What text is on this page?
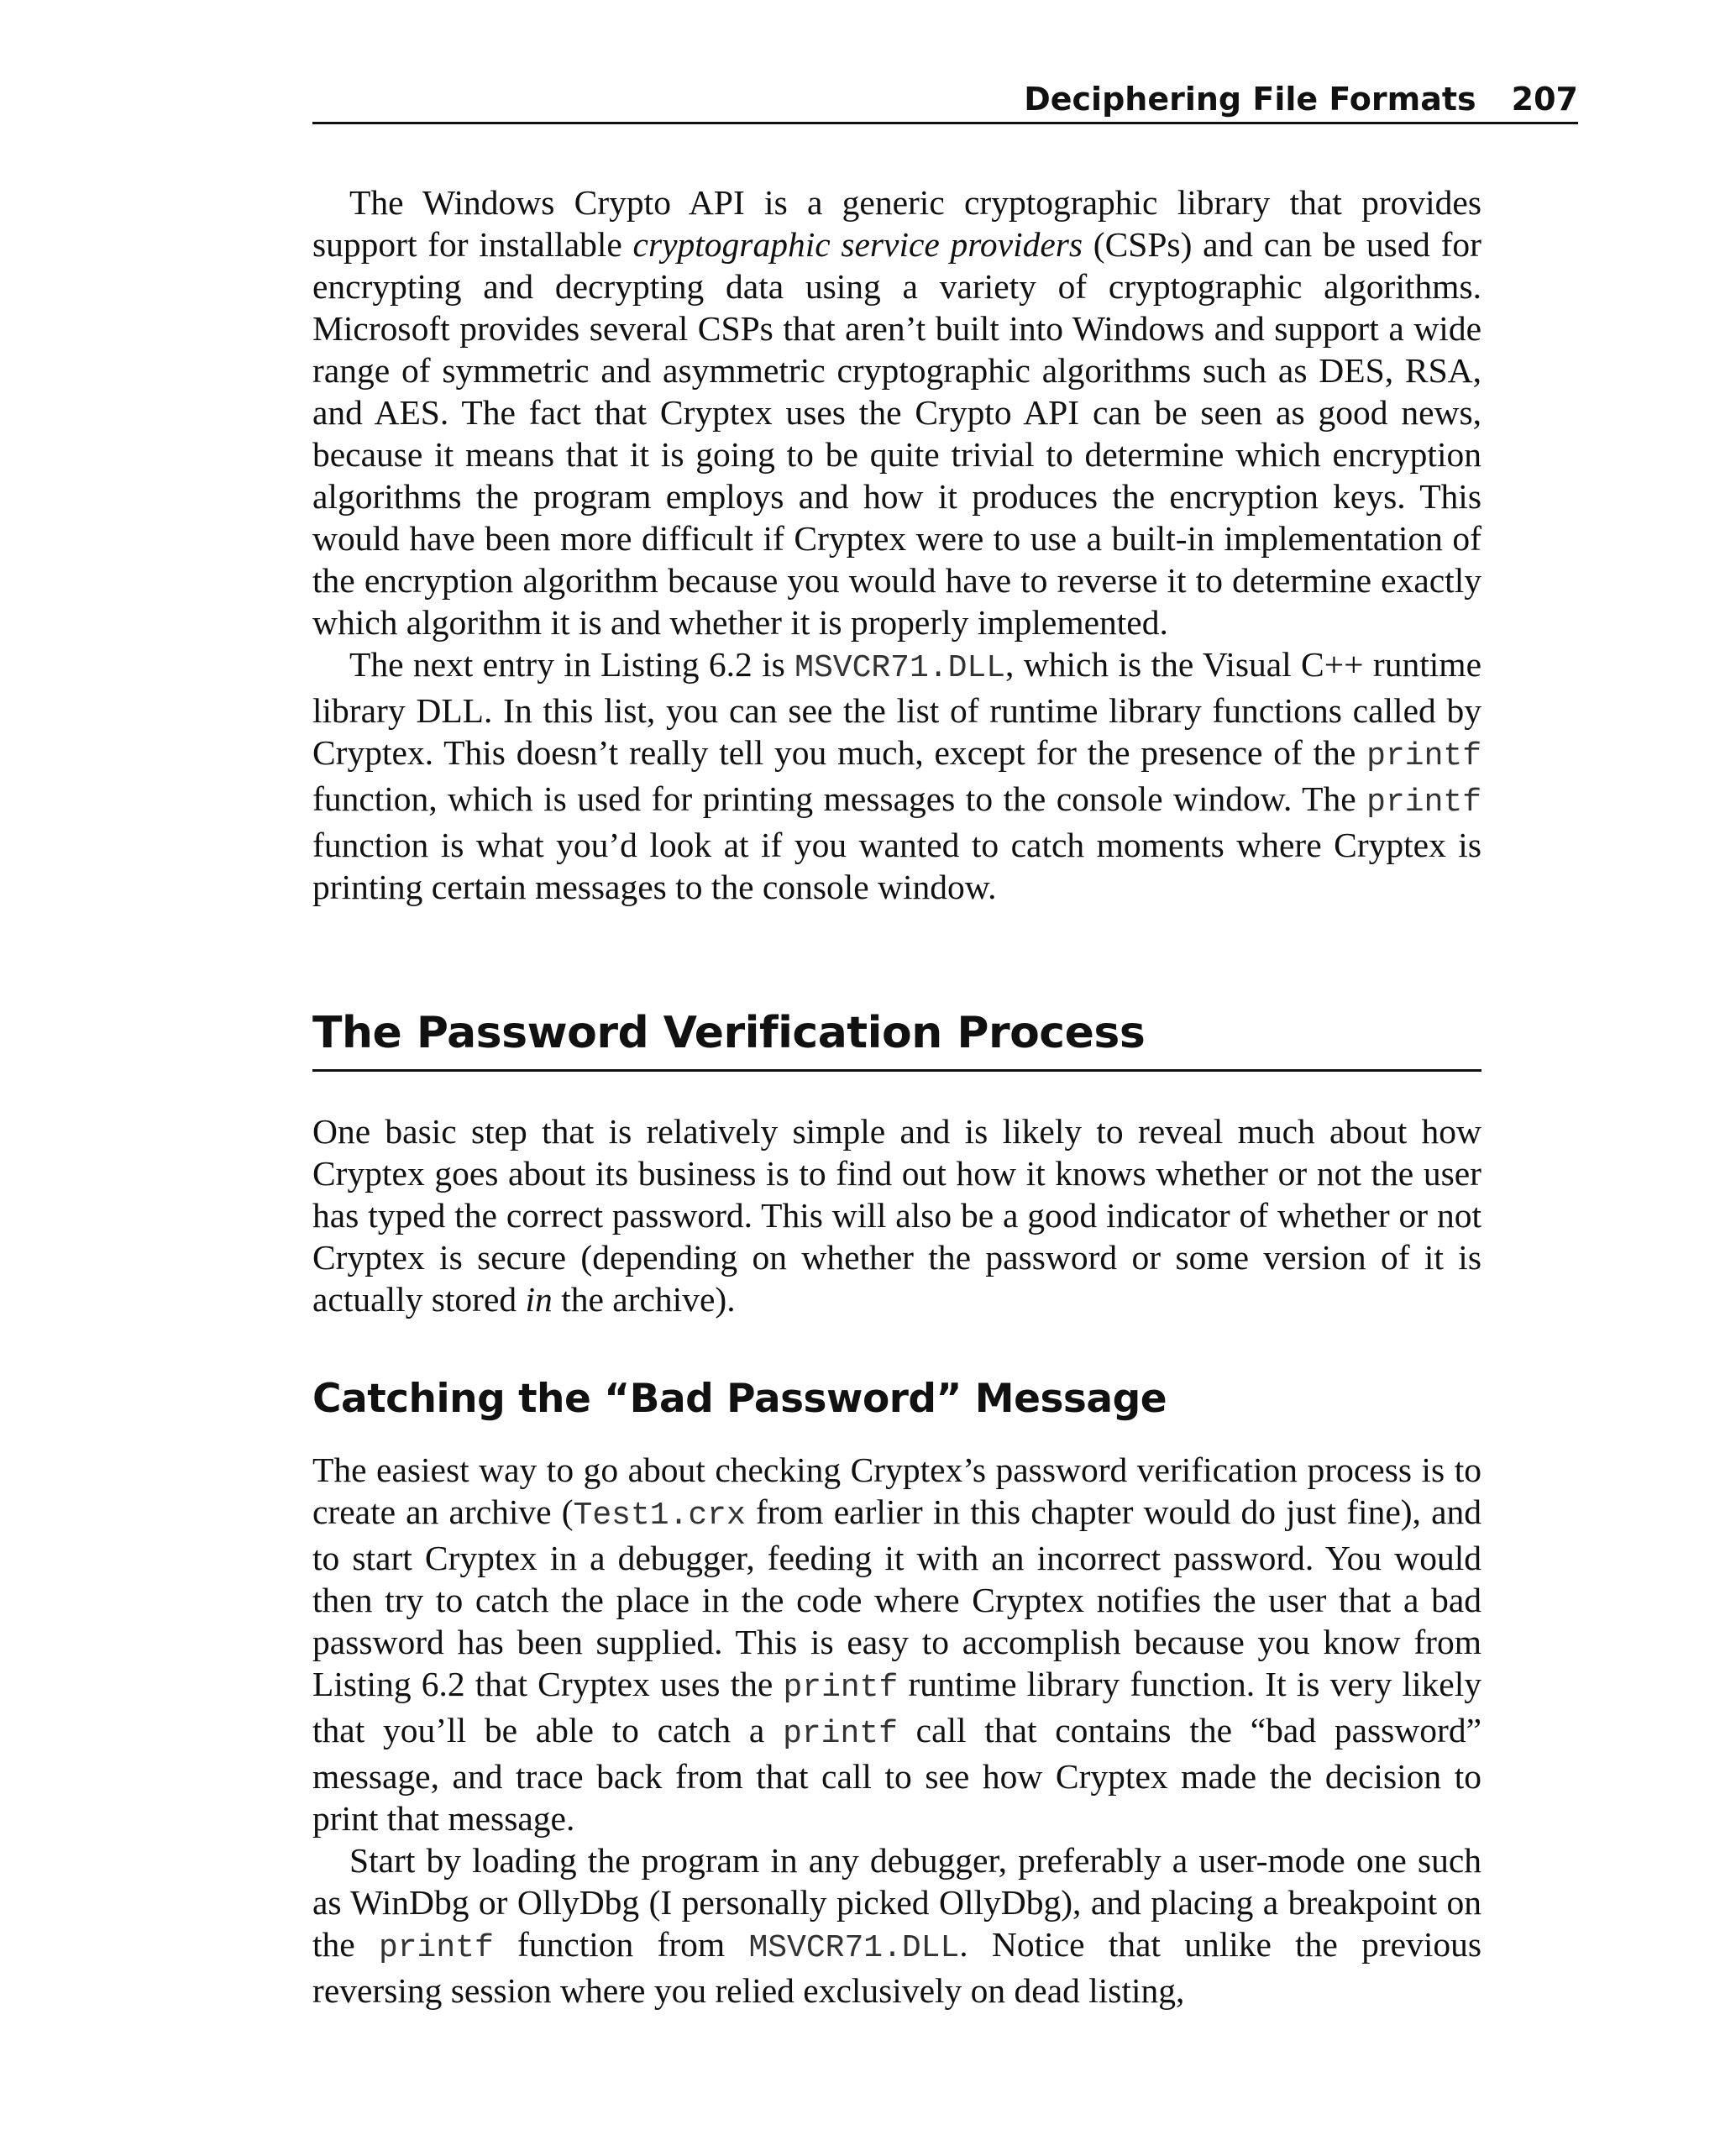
Deciphering File Formats 207

The Windows Crypto API is a generic cryptographic library that provides support for installable cryptographic service providers (CSPs) and can be used for encrypting and decrypting data using a variety of cryptographic algorithms. Microsoft provides several CSPs that aren’t built into Windows and support a wide range of symmetric and asymmetric cryptographic algorithms such as DES, RSA, and AES. The fact that Cryptex uses the Crypto API can be seen as good news, because it means that it is going to be quite trivial to determine which encryption algorithms the program employs and how it produces the encryption keys. This would have been more difficult if Cryptex were to use a built-in implementation of the encryption algorithm because you would have to reverse it to determine exactly which algorithm it is and whether it is properly implemented.

The next entry in Listing 6.2 is MSVCR71.DLL, which is the Visual C++ runtime library DLL. In this list, you can see the list of runtime library functions called by Cryptex. This doesn’t really tell you much, except for the presence of the printf function, which is used for printing messages to the console window. The printf function is what you’d look at if you wanted to catch moments where Cryptex is printing certain messages to the console window.

The Password Verification Process

One basic step that is relatively simple and is likely to reveal much about how Cryptex goes about its business is to find out how it knows whether or not the user has typed the correct password. This will also be a good indicator of whether or not Cryptex is secure (depending on whether the password or some version of it is actually stored in the archive).

Catching the “Bad Password” Message

The easiest way to go about checking Cryptex’s password verification process is to create an archive (Test1.crx from earlier in this chapter would do just fine), and to start Cryptex in a debugger, feeding it with an incorrect password. You would then try to catch the place in the code where Cryptex notifies the user that a bad password has been supplied. This is easy to accomplish because you know from Listing 6.2 that Cryptex uses the printf runtime library function. It is very likely that you’ll be able to catch a printf call that contains the “bad password” message, and trace back from that call to see how Cryptex made the decision to print that message.

Start by loading the program in any debugger, preferably a user-mode one such as WinDbg or OllyDbg (I personally picked OllyDbg), and placing a breakpoint on the printf function from MSVCR71.DLL. Notice that unlike the previous reversing session where you relied exclusively on dead listing,
